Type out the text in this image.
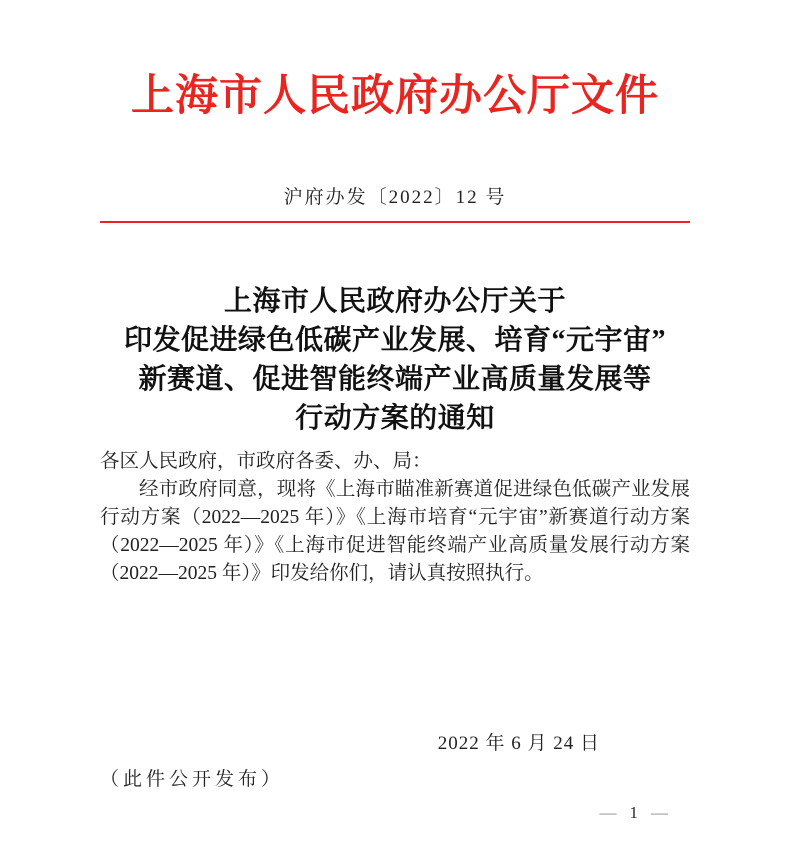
上海市人民政府办公厅文件
沪府办发〔2022〕12 号
上海市人民政府办公厅关于
印发促进绿色低碳产业发展、培育“元宇宙”
新赛道、促进智能终端产业高质量发展等
行动方案的通知

各区人民政府，市政府各委、办、局：

经市政府同意，现将《上海市瞄准新赛道促进绿色低碳产业发展行动方案（2022—2025 年）》《上海市培育“元宇宙”新赛道行动方案（2022—2025 年）》《上海市促进智能终端产业高质量发展行动方案（2022—2025 年）》印发给你们，请认真按照执行。

2022 年 6 月 24 日
（此件公开发布）
— 1 —
